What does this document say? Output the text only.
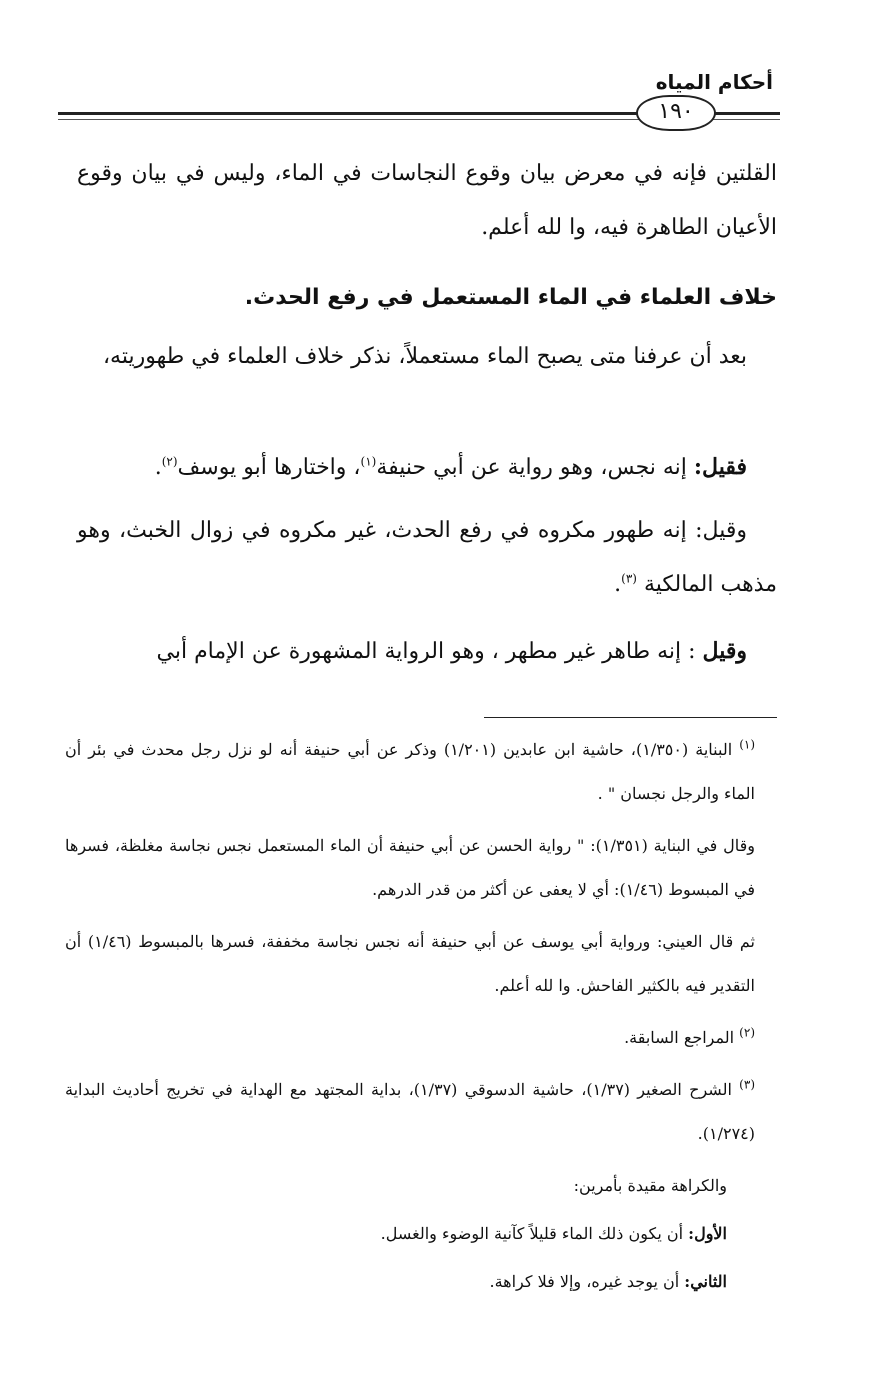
أحكام المياه
١٩٠
القلتين فإنه في معرض بيان وقوع النجاسات في الماء، وليس في بيان وقوع الأعيان الطاهرة فيه، وا لله أعلم.
خلاف العلماء في الماء المستعمل في رفع الحدث.
بعد أن عرفنا متى يصبح الماء مستعملاً، نذكر خلاف العلماء في طهوريته،
فقيل: إنه نجس، وهو رواية عن أبي حنيفة$^{(١)}$، واختارها أبو يوسف$^{(٢)}$.
وقيل: إنه طهور مكروه في رفع الحدث، غير مكروه في زوال الخبث، وهو مذهب المالكية $^{(٣)}$.
وقيل : إنه طاهر غير مطهر ، وهو الرواية المشهورة عن الإمام أبي

$^{(١)}$ البناية (١/٣٥٠)، حاشية ابن عابدين (١/٢٠١) وذكر عن أبي حنيفة أنه لو نزل رجل محدث في بئر أن الماء والرجل نجسان " .

وقال في البناية (١/٣٥١): " رواية الحسن عن أبي حنيفة أن الماء المستعمل نجس نجاسة مغلظة، فسرها في المبسوط (١/٤٦): أي لا يعفى عن أكثر من قدر الدرهم.

ثم قال العيني: ورواية أبي يوسف عن أبي حنيفة أنه نجس نجاسة مخففة، فسرها بالمبسوط (١/٤٦) أن التقدير فيه بالكثير الفاحش. وا لله أعلم.

$^{(٢)}$ المراجع السابقة.

$^{(٣)}$ الشرح الصغير (١/٣٧)، حاشية الدسوقي (١/٣٧)، بداية المجتهد مع الهداية في تخريج أحاديث البداية (١/٢٧٤).

والكراهة مقيدة بأمرين:

الأول: أن يكون ذلك الماء قليلاً كآنية الوضوء والغسل.

الثاني: أن يوجد غيره، وإلا فلا كراهة.
